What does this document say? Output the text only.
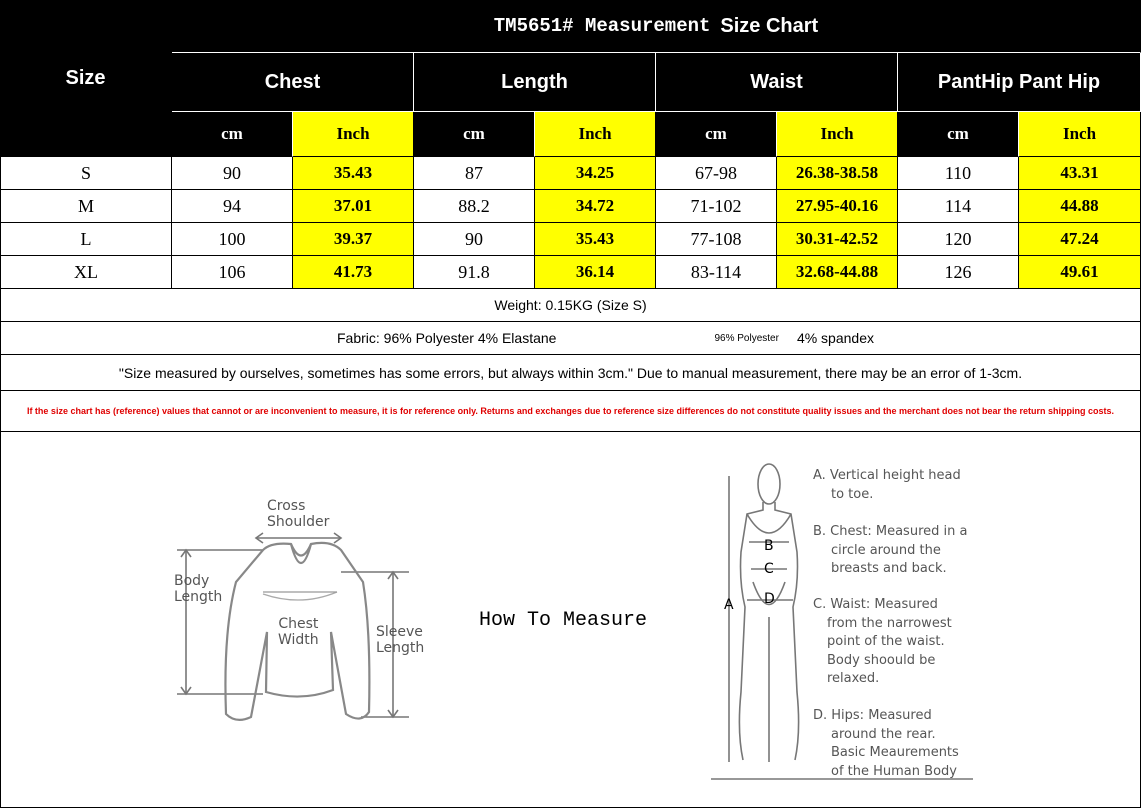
Size
TM5651# Measurement Size Chart
Weight: 0.15KG (Size S)
Fabric: 96% Polyester 4% Elastane	96% Polyester 4% spandex
"Size measured by ourselves, sometimes has some errors, but always within 3cm." Due to manual measurement, there may be an error of 1-3cm.
If the size chart has (reference) values that cannot or are inconvenient to measure, it is for reference only. Returns and exchanges due to reference size differences do not constitute quality issues and the merchant does not bear the return shipping costs.
Chest	Length	Waist	PantHip Pant Hip
cm	Inch	cm	Inch	cm	Inch	cm	Inch
S	90	35.43	87	34.25	67-98	26.38-38.58	110	43.31
M	94	37.01	88.2	34.72	71-102	27.95-40.16	114	44.88
L	100	39.37	90	35.43	77-108	30.31-42.52	120	47.24
XL	106	41.73	91.8	36.14	83-114	32.68-44.88	126	49.61
Cross
Shoulder
Body
Length
Chest
Width	Sleeve
Length
How To Measure
A
B
C
D
A. Vertical height head
to toe.
B. Chest: Measured in a
circle around the
breasts and back.
C. Waist: Measured
from the narrowest
point of the waist.
Body shoould be
relaxed.
D. Hips: Measured
around the rear.
Basic Meaurements
of the Human Body
